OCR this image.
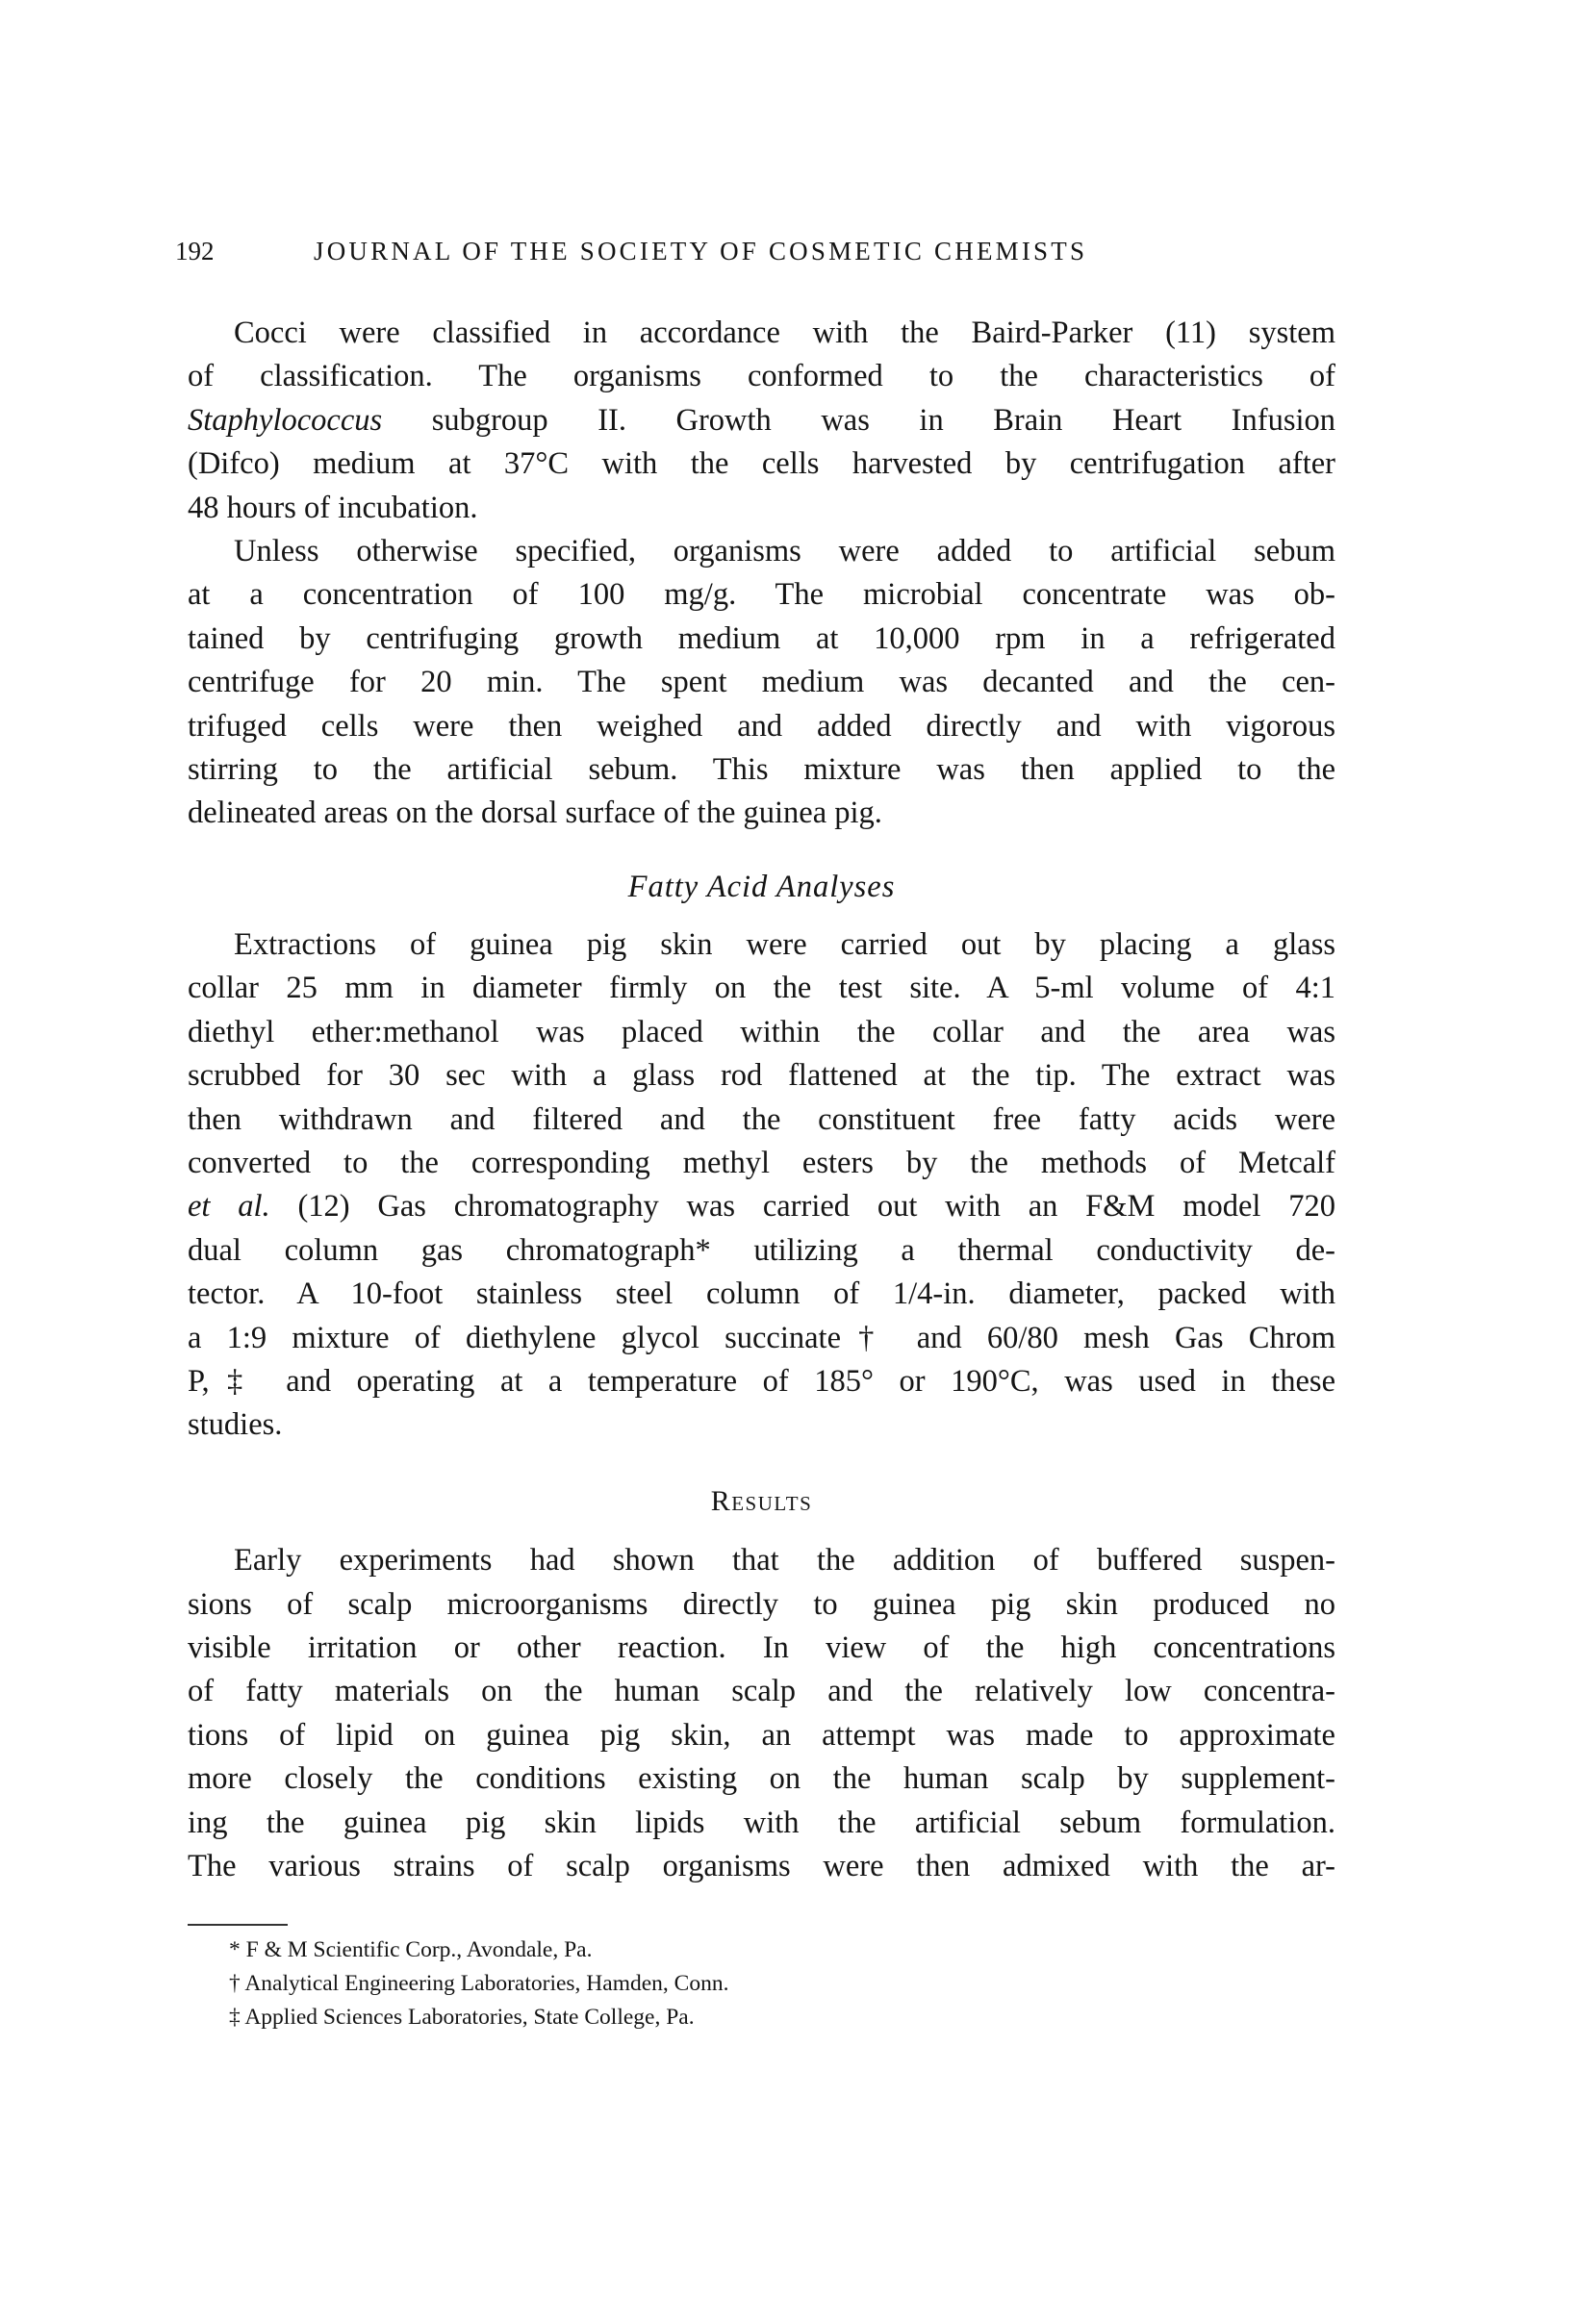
192	JOURNAL OF THE SOCIETY OF COSMETIC CHEMISTS
Cocci were classified in accordance with the Baird-Parker (11) system
of classification. The organisms conformed to the characteristics of
Staphylococcus subgroup II. Growth was in Brain Heart Infusion
(Difco) medium at 37°C with the cells harvested by centrifugation after
48 hours of incubation.
Unless otherwise specified, organisms were added to artificial sebum
at a concentration of 100 mg/g. The microbial concentrate was ob-
tained by centrifuging growth medium at 10,000 rpm in a refrigerated
centrifuge for 20 min. The spent medium was decanted and the cen-
trifuged cells were then weighed and added directly and with vigorous
stirring to the artificial sebum. This mixture was then applied to the
delineated areas on the dorsal surface of the guinea pig.
Fatty Acid Analyses
Extractions of guinea pig skin were carried out by placing a glass
collar 25 mm in diameter firmly on the test site. A 5-ml volume of 4:1
diethyl ether:methanol was placed within the collar and the area was
scrubbed for 30 sec with a glass rod flattened at the tip. The extract was
then withdrawn and filtered and the constituent free fatty acids were
converted to the corresponding methyl esters by the methods of Metcalf
et al. (12) Gas chromatography was carried out with an F&M model 720
dual column gas chromatograph* utilizing a thermal conductivity de-
tector. A 10-foot stainless steel column of 1/4-in. diameter, packed with
a 1:9 mixture of diethylene glycol succinate† and 60/80 mesh Gas Chrom
P,‡ and operating at a temperature of 185° or 190°C, was used in these
studies.
Results
Early experiments had shown that the addition of buffered suspen-
sions of scalp microorganisms directly to guinea pig skin produced no
visible irritation or other reaction. In view of the high concentrations
of fatty materials on the human scalp and the relatively low concentra-
tions of lipid on guinea pig skin, an attempt was made to approximate
more closely the conditions existing on the human scalp by supplement-
ing the guinea pig skin lipids with the artificial sebum formulation.
The various strains of scalp organisms were then admixed with the ar-
* F & M Scientific Corp., Avondale, Pa.
† Analytical Engineering Laboratories, Hamden, Conn.
‡ Applied Sciences Laboratories, State College, Pa.
